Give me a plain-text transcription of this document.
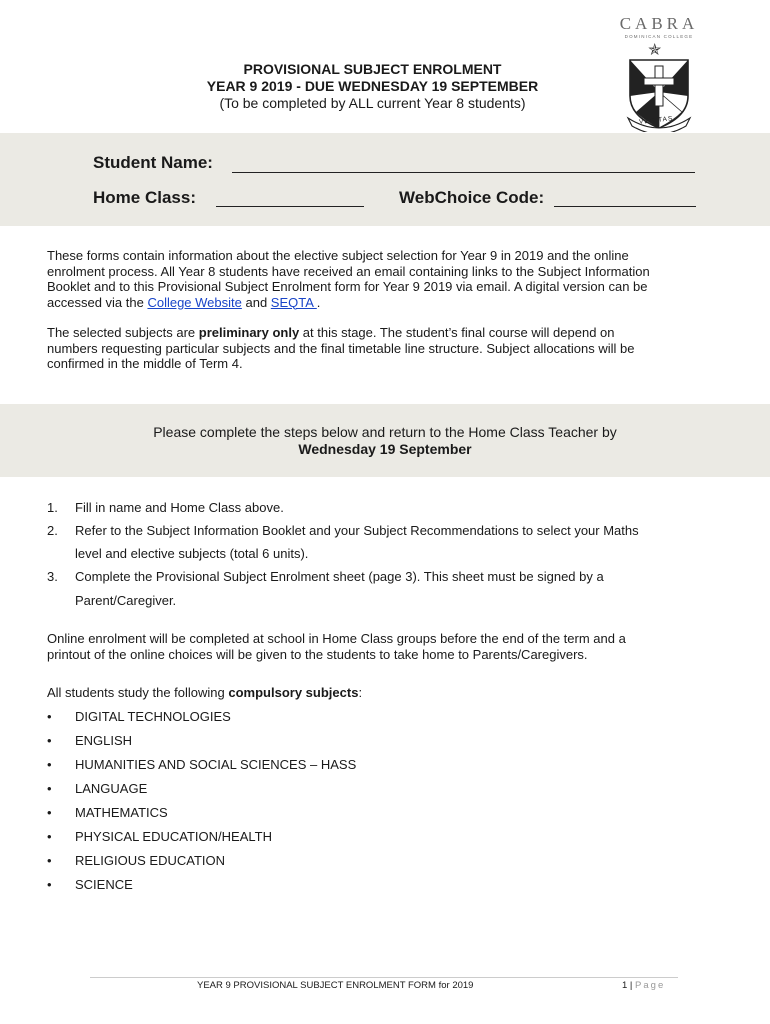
CABRA
DOMINICAN COLLEGE
✯
VERITAS
PROVISIONAL SUBJECT ENROLMENT
YEAR 9 2019 - DUE WEDNESDAY 19 SEPTEMBER
(To be completed by ALL current Year 8 students)
Student Name:
Home Class:	WebChoice Code:
These forms contain information about the elective subject selection for Year 9 in 2019 and the online
enrolment process. All Year 8 students have received an email containing links to the Subject Information
Booklet and to this Provisional Subject Enrolment form for Year 9 2019 via email. A digital version can be
accessed via the College Website and SEQTA .
The selected subjects are preliminary only at this stage. The student’s final course will depend on
numbers requesting particular subjects and the final timetable line structure. Subject allocations will be
confirmed in the middle of Term 4.
Please complete the steps below and return to the Home Class Teacher by
Wednesday 19 September
1.	Fill in name and Home Class above.
2.	Refer to the Subject Information Booklet and your Subject Recommendations to select your Maths
level and elective subjects (total 6 units).
3.	Complete the Provisional Subject Enrolment sheet (page 3). This sheet must be signed by a
Parent/Caregiver.
Online enrolment will be completed at school in Home Class groups before the end of the term and a
printout of the online choices will be given to the students to take home to Parents/Caregivers.
All students study the following compulsory subjects:
•	DIGITAL TECHNOLOGIES
•	ENGLISH
•	HUMANITIES AND SOCIAL SCIENCES – HASS
•	LANGUAGE
•	MATHEMATICS
•	PHYSICAL EDUCATION/HEALTH
•	RELIGIOUS EDUCATION
•	SCIENCE
YEAR 9 PROVISIONAL SUBJECT ENROLMENT FORM for 2019	1 | Page
